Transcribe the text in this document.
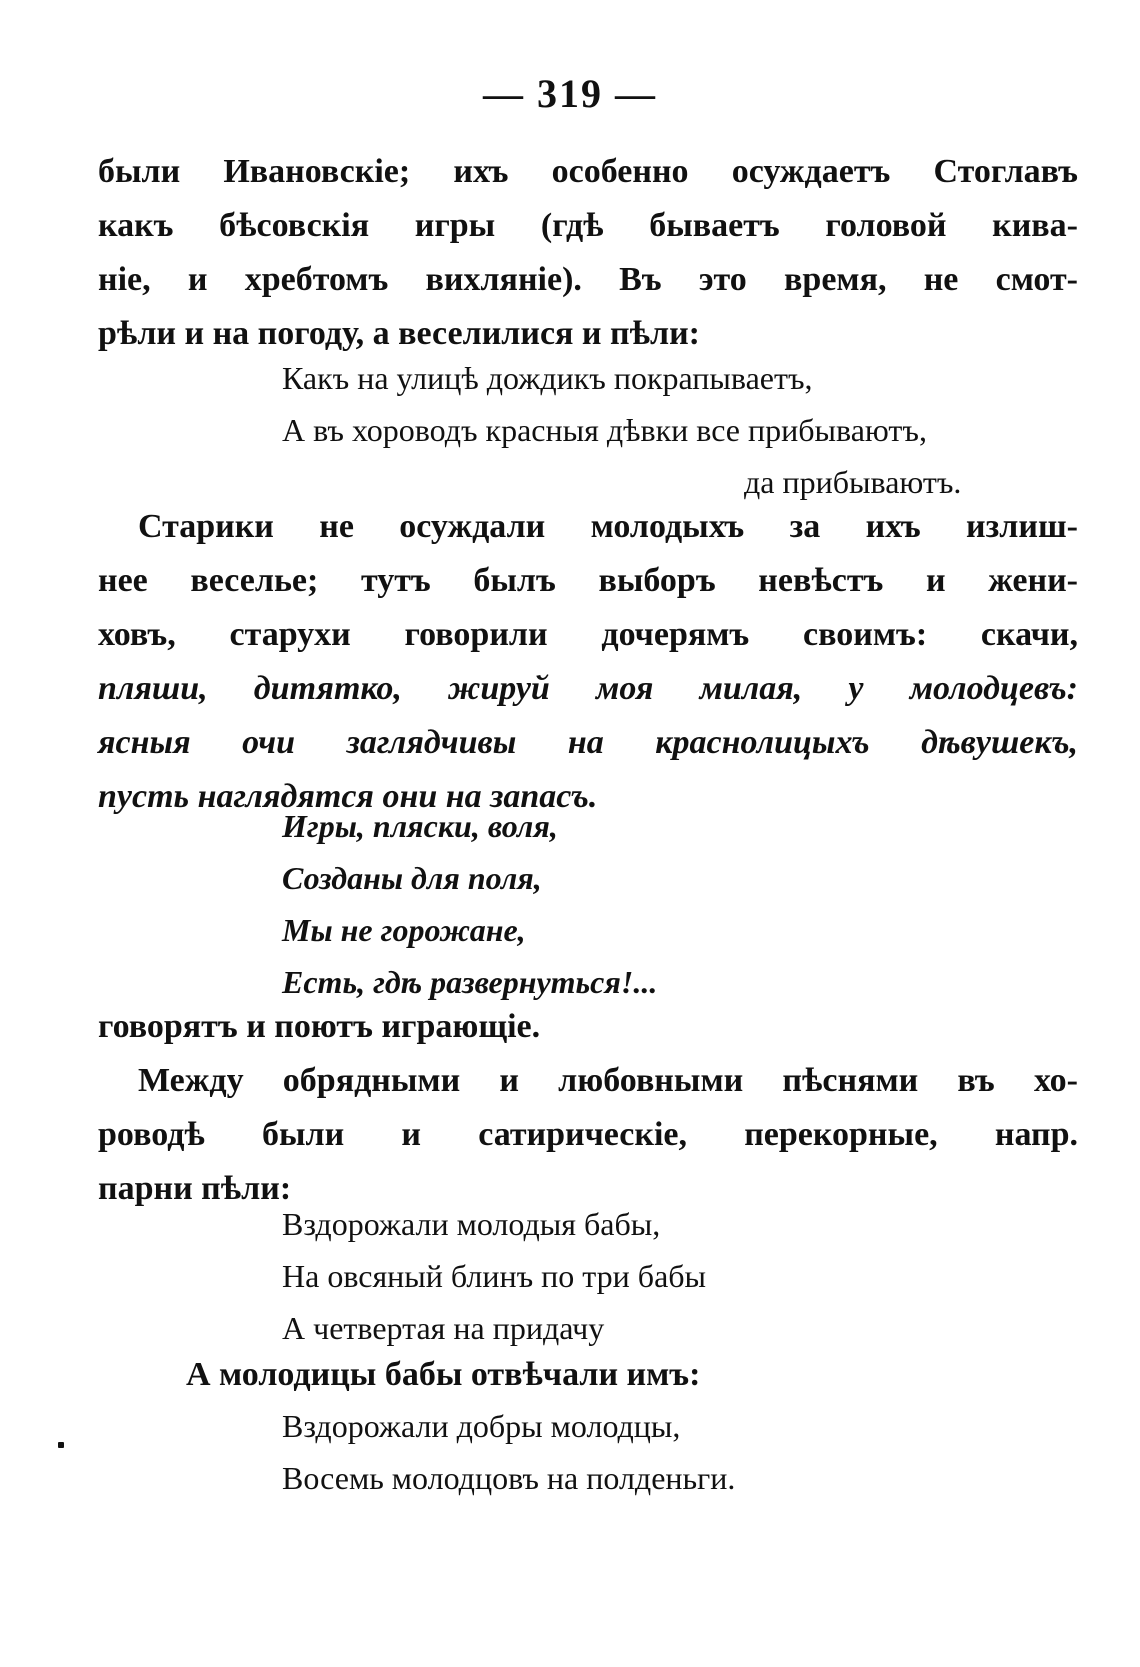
— 319 —
были Ивановскіе; ихъ особенно осуждаетъ Стоглавъ
какъ бѣсовскія игры (гдѣ бываетъ головой кива-
ніе, и хребтомъ вихляніе). Въ это время, не смот-
рѣли и на погоду, а веселилися и пѣли:
Какъ на улицѣ дождикъ покрапываетъ,
А въ хороводъ красныя дѣвки все прибываютъ,
да прибываютъ.
Старики не осуждали молодыхъ за ихъ излиш-
нее веселье; тутъ былъ выборъ невѣстъ и жени-
ховъ, старухи говорили дочерямъ своимъ: скачи,
пляши, дитятко, жируй моя милая, у молодцевъ:
ясныя очи заглядчивы на краснолицыхъ дѣвушекъ,
пусть наглядятся они на запасъ.
Игры, пляски, воля,
Созданы для поля,
Мы не горожане,
Есть, гдѣ развернуться!...
говорятъ и поютъ играющіе.
Между обрядными и любовными пѣснями въ хо-
роводѣ были и сатирическіе, перекорные, напр.
парни пѣли:
Вздорожали молодыя бабы,
На овсяный блинъ по три бабы
А четвертая на придачу
А молодицы бабы отвѣчали имъ:
Вздорожали добры молодцы,
Восемь молодцовъ на полденьги.
